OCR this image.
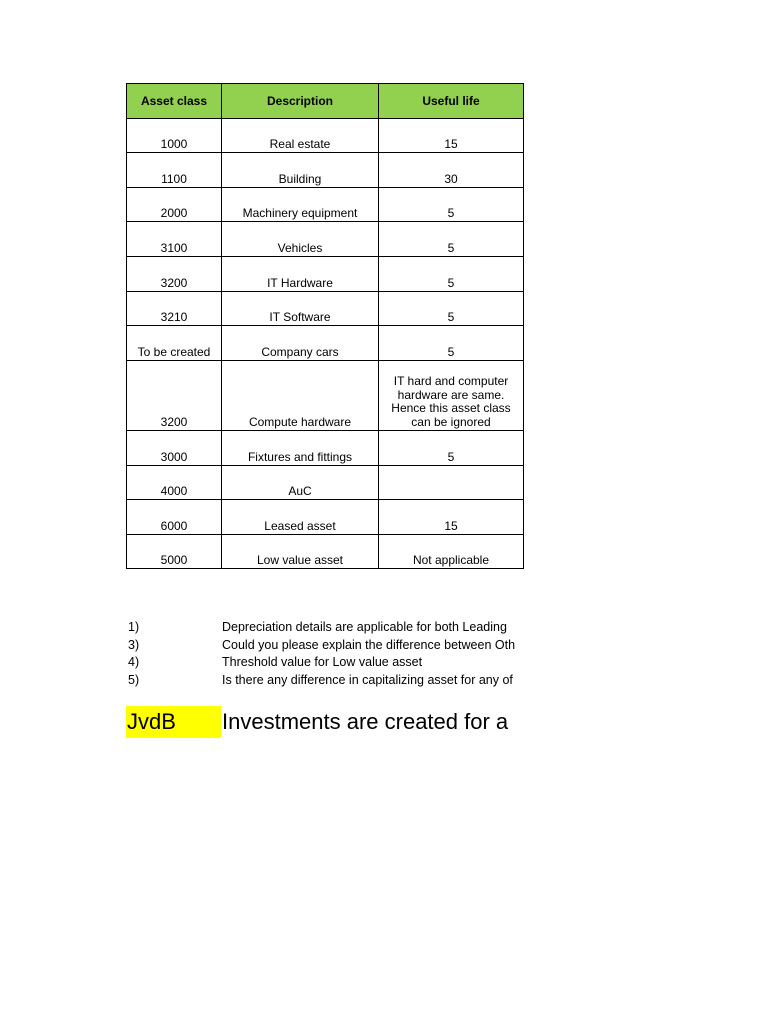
Asset class	Description	Useful life
1000	Real estate	15
1100	Building	30
2000	Machinery equipment	5
3100	Vehicles	5
3200	IT Hardware	5
3210	IT Software	5
To be created	Company cars	5
3200	Compute hardware	IT hard and computer hardware are same. Hence this asset class can be ignored
3000	Fixtures and fittings	5
4000	AuC	
6000	Leased asset	15
5000	Low value asset	Not applicable
1)	Depreciation details are applicable for both Leading
3)	Could you please explain the difference between Oth
4)	Threshold value for Low value asset
5)	Is there any difference in capitalizing asset for any of
JvdB	Investments are created for a
